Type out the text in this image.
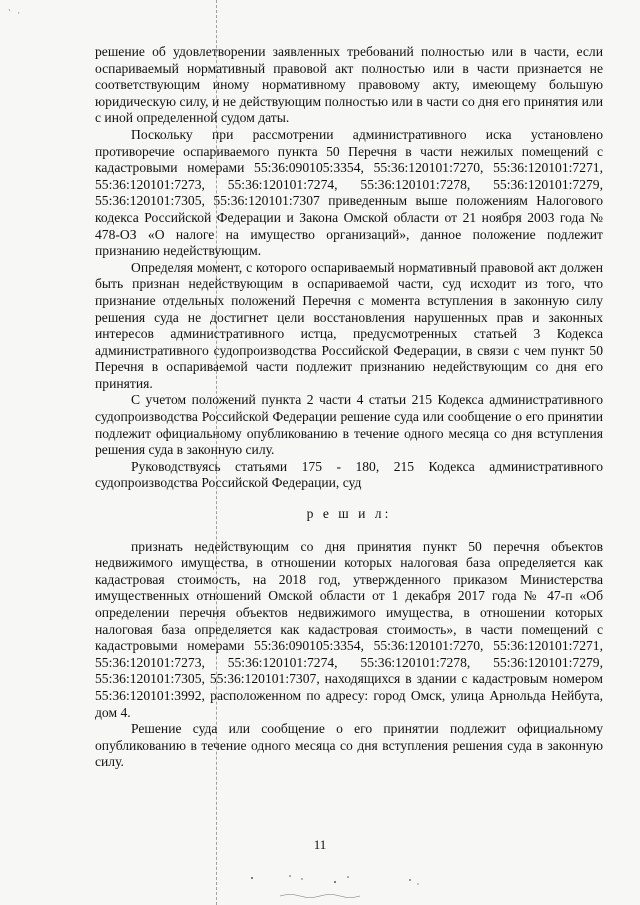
` ·

решение об удовлетворении заявленных требований полностью или в части, если оспариваемый нормативный правовой акт полностью или в части признается не соответствующим иному нормативному правовому акту, имеющему большую юридическую силу, и не действующим полностью или в части со дня его принятия или с иной определенной судом даты.

Поскольку при рассмотрении административного иска установлено противоречие оспариваемого пункта 50 Перечня в части нежилых помещений с кадастровыми номерами 55:36:090105:3354, 55:36:120101:7270, 55:36:120101:7271, 55:36:120101:7273, 55:36:120101:7274, 55:36:120101:7278, 55:36:120101:7279, 55:36:120101:7305, 55:36:120101:7307 приведенным выше положениям Налогового кодекса Российской Федерации и Закона Омской области от 21 ноября 2003 года № 478-ОЗ «О налоге на имущество организаций», данное положение подлежит признанию недействующим.

Определяя момент, с которого оспариваемый нормативный правовой акт должен быть признан недействующим в оспариваемой части, суд исходит из того, что признание отдельных положений Перечня с момента вступления в законную силу решения суда не достигнет цели восстановления нарушенных прав и законных интересов административного истца, предусмотренных статьей 3 Кодекса административного судопроизводства Российской Федерации, в связи с чем пункт 50 Перечня в оспариваемой части подлежит признанию недействующим со дня его принятия.

С учетом положений пункта 2 части 4 статьи 215 Кодекса административного судопроизводства Российской Федерации решение суда или сообщение о его принятии подлежит официальному опубликованию в течение одного месяца со дня вступления решения суда в законную силу.

Руководствуясь статьями 175 - 180, 215 Кодекса административного судопроизводства Российской Федерации, суд

р е ш и л:

признать недействующим со дня принятия пункт 50 перечня объектов недвижимого имущества, в отношении которых налоговая база определяется как кадастровая стоимость, на 2018 год, утвержденного приказом Министерства имущественных отношений Омской области от 1 декабря 2017 года № 47-п «Об определении перечня объектов недвижимого имущества, в отношении которых налоговая база определяется как кадастровая стоимость», в части помещений с кадастровыми номерами 55:36:090105:3354, 55:36:120101:7270, 55:36:120101:7271, 55:36:120101:7273, 55:36:120101:7274, 55:36:120101:7278, 55:36:120101:7279, 55:36:120101:7305, 55:36:120101:7307, находящихся в здании с кадастровым номером 55:36:120101:3992, расположенном по адресу: город Омск, улица Арнольда Нейбута, дом 4.

Решение суда или сообщение о его принятии подлежит официальному опубликованию в течение одного месяца со дня вступления решения суда в законную силу.

11
